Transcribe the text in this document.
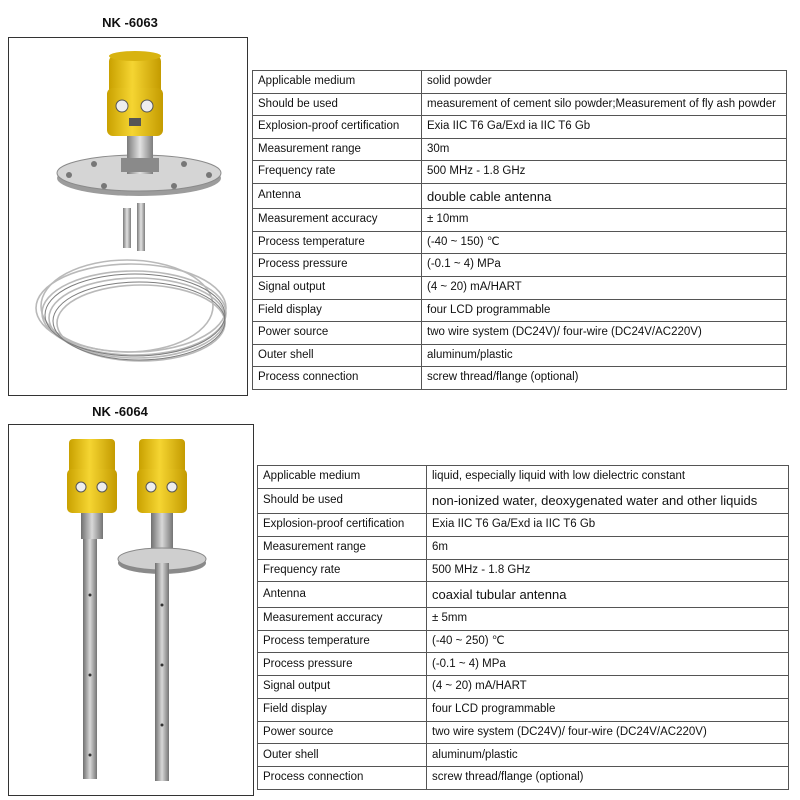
NK -6063
Applicable medium	solid powder
Should be used	measurement of cement silo powder;Measurement of fly ash powder
Explosion-proof certification	Exia IIC T6 Ga/Exd ia IIC T6 Gb
Measurement range	30m
Frequency rate	500 MHz - 1.8 GHz
Antenna	double cable antenna
Measurement accuracy	± 10mm
Process temperature	(-40 ~ 150) ℃
Process pressure	(-0.1 ~ 4) MPa
Signal output	(4 ~ 20) mA/HART
Field display	four LCD programmable
Power source	two wire system (DC24V)/ four-wire (DC24V/AC220V)
Outer shell	aluminum/plastic
Process connection	screw thread/flange (optional)
NK -6064
Applicable medium	liquid, especially liquid with low dielectric constant
Should be used	non-ionized water, deoxygenated water and other liquids
Explosion-proof certification	Exia IIC T6 Ga/Exd ia IIC T6 Gb
Measurement range	6m
Frequency rate	500 MHz - 1.8 GHz
Antenna	coaxial tubular antenna
Measurement accuracy	± 5mm
Process temperature	(-40 ~ 250) ℃
Process pressure	(-0.1 ~ 4) MPa
Signal output	(4 ~ 20) mA/HART
Field display	four LCD programmable
Power source	two wire system (DC24V)/ four-wire (DC24V/AC220V)
Outer shell	aluminum/plastic
Process connection	screw thread/flange (optional)
